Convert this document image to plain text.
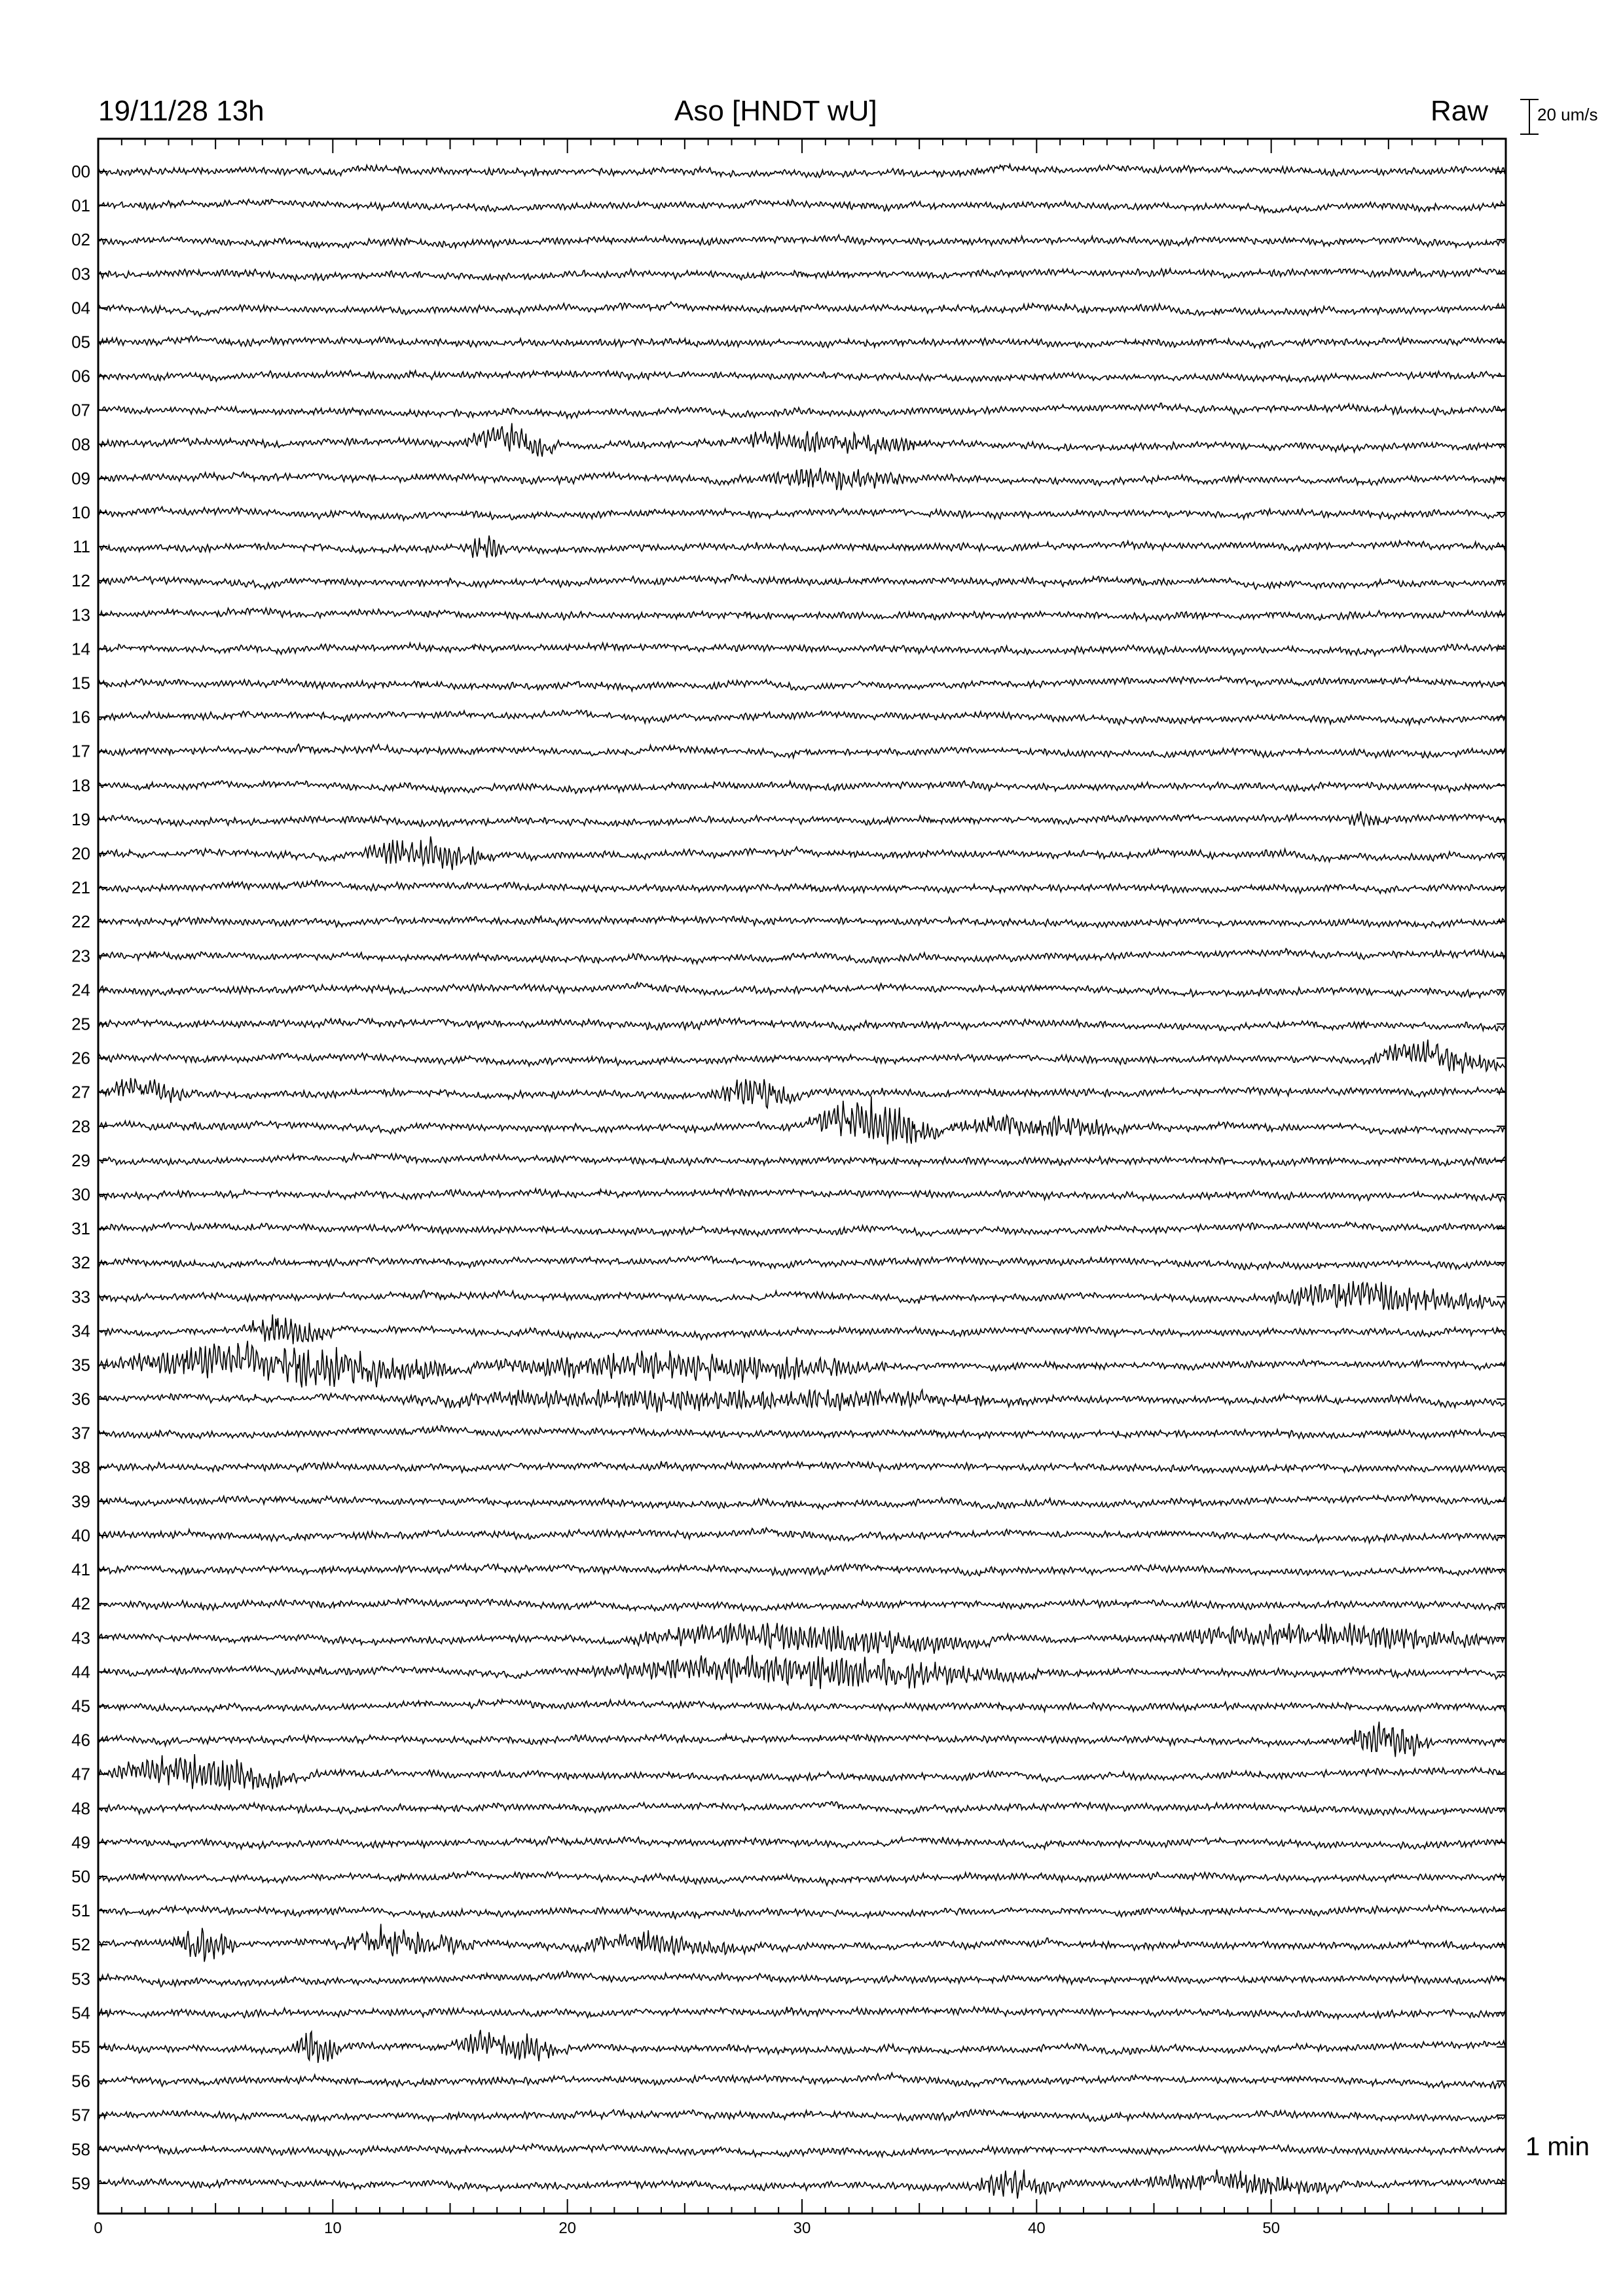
00
01
02
03
04
05
06
07
08
09
10
11
12
13
14
15
16
17
18
19
20
21
22
23
24
25
26
27
28
29
30
31
32
33
34
35
36
37
38
39
40
41
42
43
44
45
46
47
48
49
50
51
52
53
54
55
56
57
58
59
0	10	20	30	40	50
19/11/28 13h	Aso [HNDT wU]	Raw	20 um/s
1 min
